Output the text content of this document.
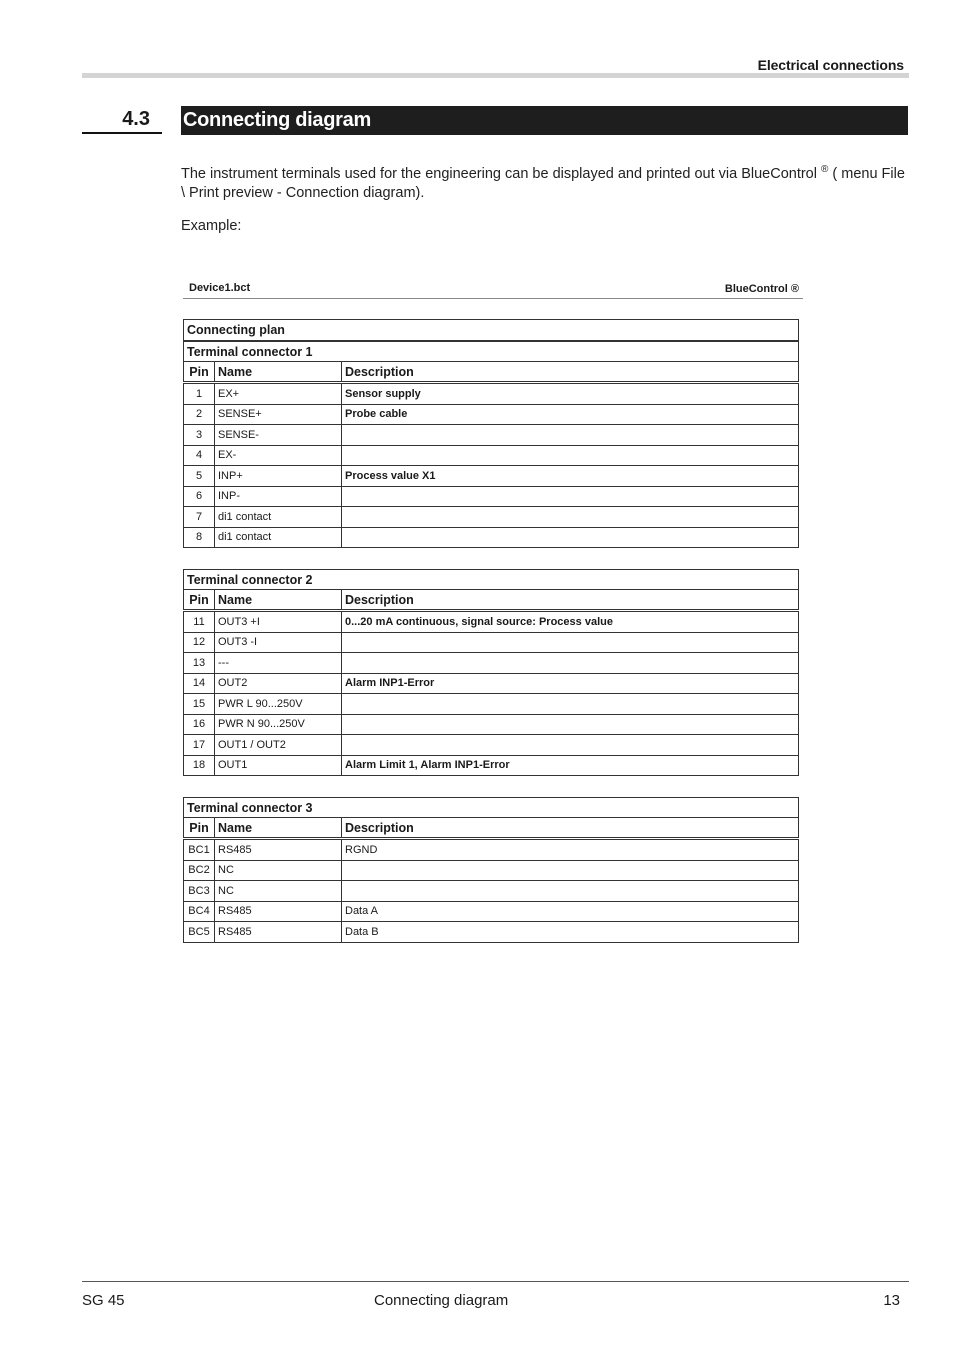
Electrical connections
4.3 Connecting diagram
The instrument terminals used for the engineering can be displayed and printed out via BlueControl ® ( menu File \ Print preview - Connection diagram).
Example:
Device1.bct	BlueControl ®
Connecting plan
Terminal connector 1		
Pin	Name	Description
1	EX+	Sensor supply
2	SENSE+	Probe cable
3	SENSE-	
4	EX-	
5	INP+	Process value X1
6	INP-	
7	di1 contact	
8	di1 contact	
Terminal connector 2		
Pin	Name	Description
11	OUT3 +I	0...20 mA continuous, signal source: Process value
12	OUT3 -I	
13	---	
14	OUT2	Alarm INP1-Error
15	PWR L 90...250V	
16	PWR N 90...250V	
17	OUT1 / OUT2	
18	OUT1	Alarm Limit 1, Alarm INP1-Error
Terminal connector 3		
Pin	Name	Description
BC1	RS485	RGND
BC2	NC	
BC3	NC	
BC4	RS485	Data A
BC5	RS485	Data B
SG 45	Connecting diagram	13
